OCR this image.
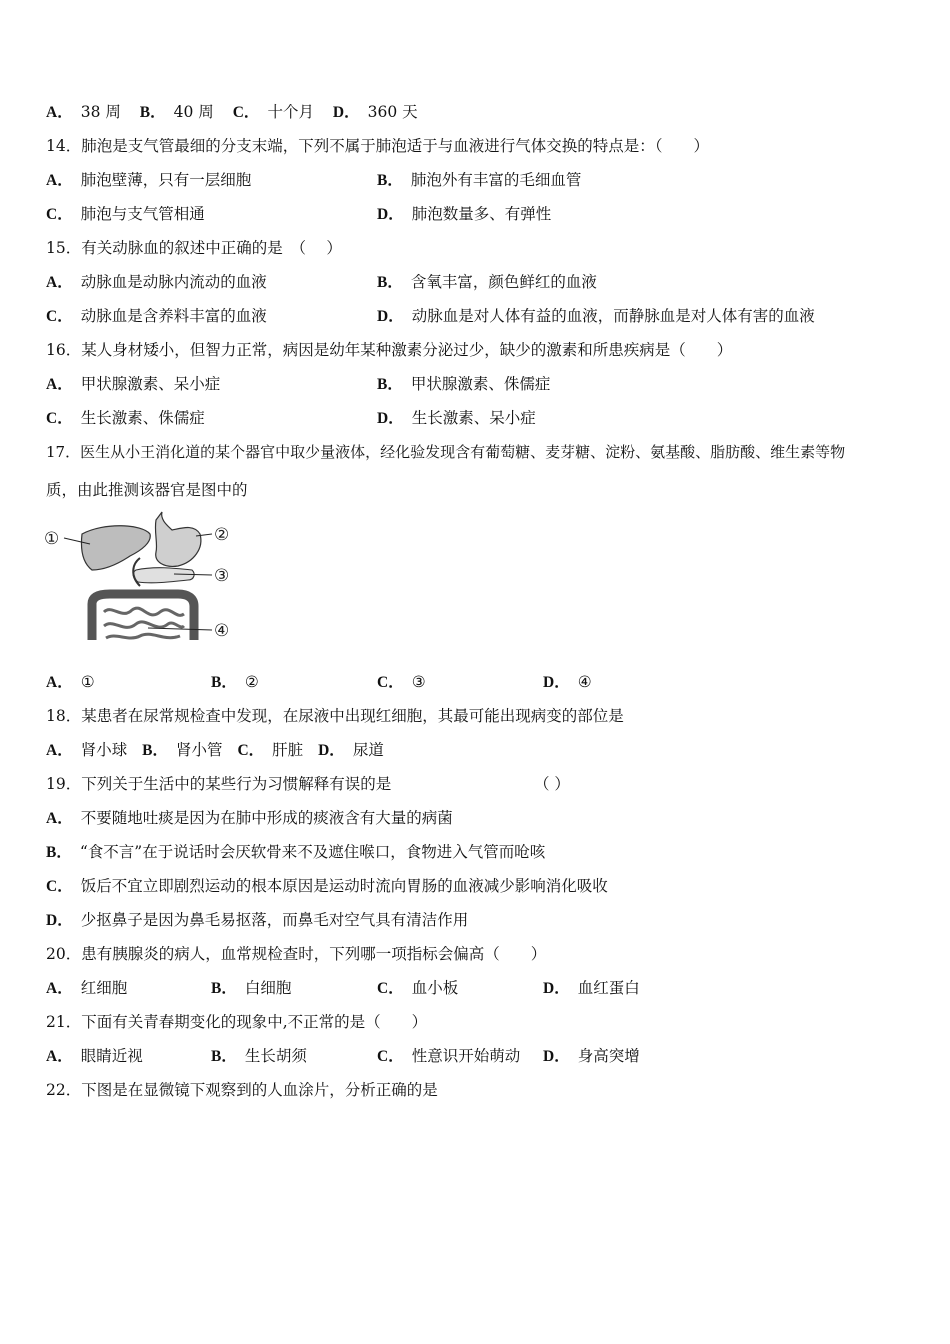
A． 38 周 B． 40 周 C． 十个月 D． 360 天
14．肺泡是支气管最细的分支末端，下列不属于肺泡适于与血液进行气体交换的特点是：（　　）
A． 肺泡壁薄，只有一层细胞	B． 肺泡外有丰富的毛细血管
C． 肺泡与支气管相通	D． 肺泡数量多、有弹性
15．有关动脉血的叙述中正确的是　（　 ）
A． 动脉血是动脉内流动的血液	B． 含氧丰富，颜色鲜红的血液
C． 动脉血是含养料丰富的血液	D． 动脉血是对人体有益的血液，而静脉血是对人体有害的血液
16．某人身材矮小，但智力正常，病因是幼年某种激素分泌过少，缺少的激素和所患疾病是（　　）
A． 甲状腺激素、呆小症	B． 甲状腺激素、侏儒症
C． 生长激素、侏儒症	D． 生长激素、呆小症
17．医生从小王消化道的某个器官中取少量液体，经化验发现含有葡萄糖、麦芽糖、淀粉、氨基酸、脂肪酸、维生素等物
质，由此推测该器官是图中的
①	②
③
④
A． ①	B． ②	C． ③	D． ④
18．某患者在尿常规检查中发现，在尿液中出现红细胞，其最可能出现病变的部位是
A． 肾小球 B． 肾小管 C． 肝脏 D． 尿道
19．下列关于生活中的某些行为习惯解释有误的是	（ ）
A． 不要随地吐痰是因为在肺中形成的痰液含有大量的病菌
B． “食不言”在于说话时会厌软骨来不及遮住喉口，食物进入气管而呛咳
C． 饭后不宜立即剧烈运动的根本原因是运动时流向胃肠的血液减少影响消化吸收
D． 少抠鼻子是因为鼻毛易抠落，而鼻毛对空气具有清洁作用
20．患有胰腺炎的病人，血常规检查时，下列哪一项指标会偏高（　　）
A． 红细胞	B． 白细胞	C． 血小板	D． 血红蛋白
21．下面有关青春期变化的现象中,不正常的是（　　）
A． 眼睛近视	B． 生长胡须	C． 性意识开始萌动 D． 身高突增
22．下图是在显微镜下观察到的人血涂片，分析正确的是
